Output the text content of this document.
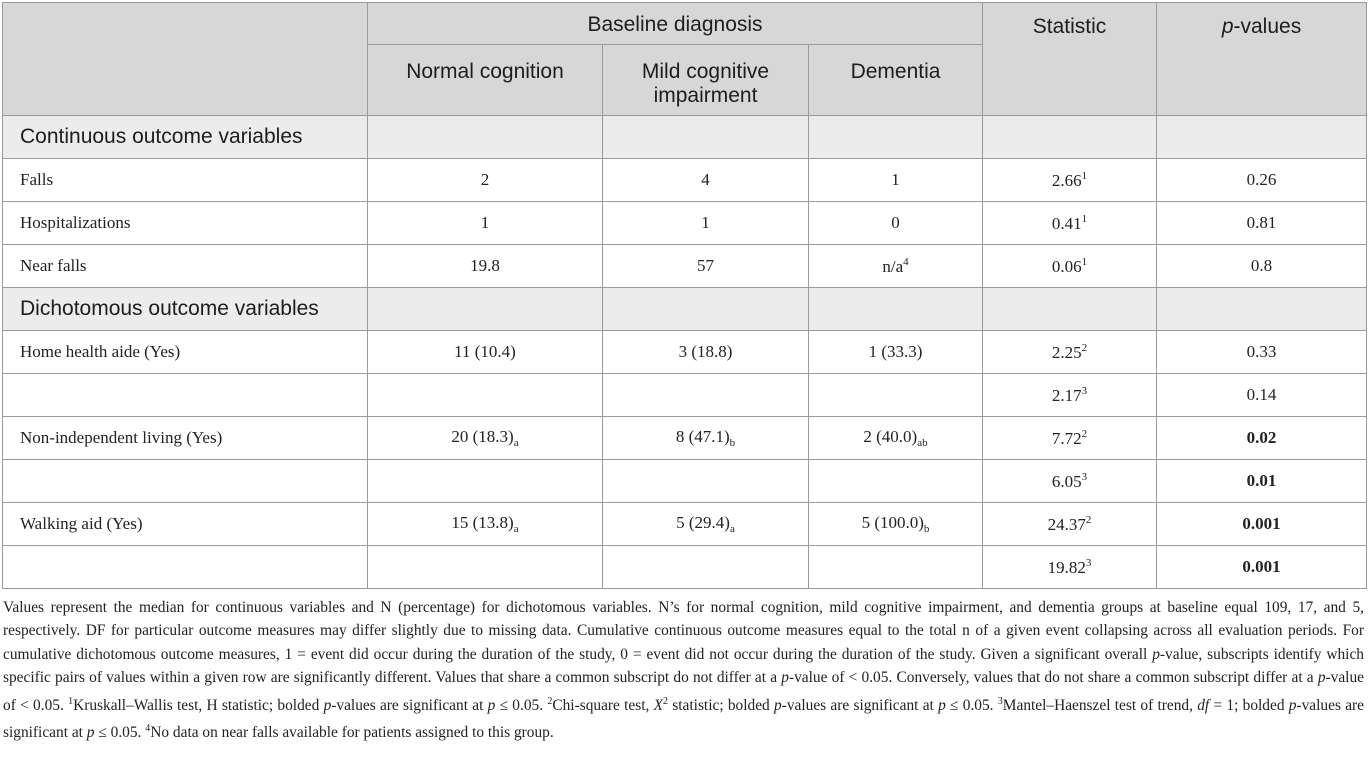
	Baseline diagnosis			Statistic	p-values
	Normal cognition	Mild cognitive impairment	Dementia		
Continuous outcome variables					
Falls	2	4	1	2.66$^1$	0.26
Hospitalizations	1	1	0	0.41$^1$	0.81
Near falls	19.8	57	$n/a^4$	0.06$^1$	0.8
Dichotomous outcome variables					
Home health aide (Yes)	11 (10.4)	3 (18.8)	1 (33.3)	2.25$^2$	0.33
				2.17$^3$	0.14
Non-independent living (Yes)	20 $(18.3)_a$	8 $(47.1)_b$	2 $(40.0)_{ab}$	7.72$^2$	0.02
				6.05$^3$	0.01
Walking aid (Yes)	15 $(13.8)_a$	5 $(29.4)_a$	5 $(100.0)_b$	24.37$^2$	0.001
				19.82$^3$	0.001
Values represent the median for continuous variables and N (percentage) for dichotomous variables. N’s for normal cognition, mild cognitive impairment, and dementia groups at baseline equal 109, 17, and 5, respectively. DF for particular outcome measures may differ slightly due to missing data. Cumulative continuous outcome measures equal to the total n of a given event collapsing across all evaluation periods. For cumulative dichotomous outcome measures, 1 = event did occur during the duration of the study, 0 = event did not occur during the duration of the study. Given a significant overall p-value, subscripts identify which specific pairs of values within a given row are significantly different. Values that share a common subscript do not differ at a p-value of < 0.05. Conversely, values that do not share a common subscript differ at a p-value of < 0.05. $^1$Kruskall–Wallis test, H statistic; bolded p-values are significant at p ≤ 0.05. $^2$Chi-square test, $X^2$ statistic; bolded p-values are significant at p ≤ 0.05. $^3$Mantel–Haenszel test of trend, df = 1; bolded p-values are significant at p ≤ 0.05. $^4$No data on near falls available for patients assigned to this group.
